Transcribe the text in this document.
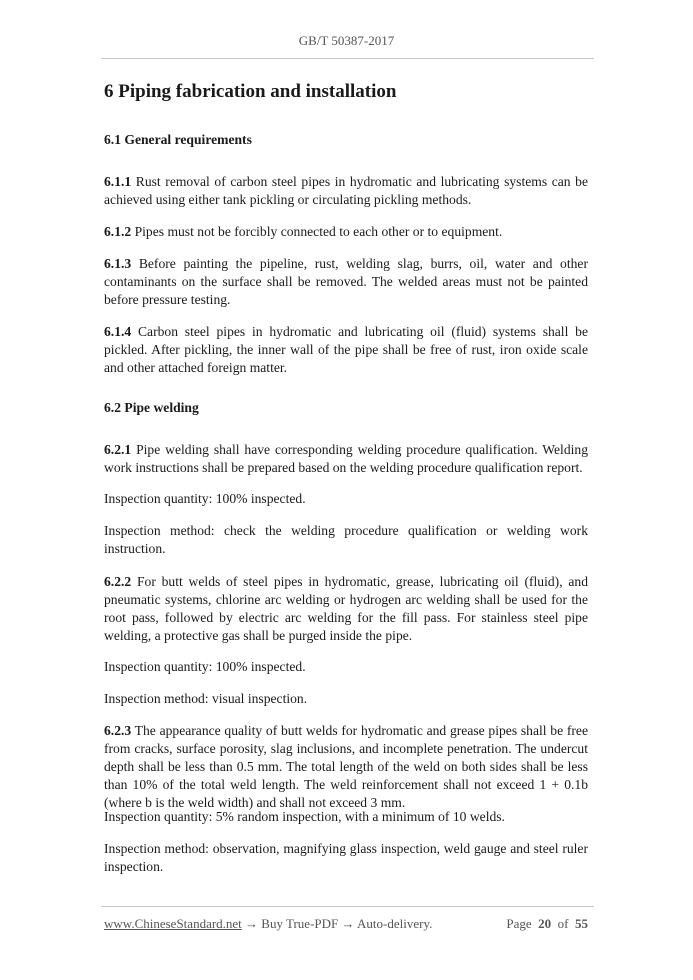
GB/T 50387-2017
6 Piping fabrication and installation
6.1 General requirements
6.1.1 Rust removal of carbon steel pipes in hydromatic and lubricating systems can be achieved using either tank pickling or circulating pickling methods.
6.1.2 Pipes must not be forcibly connected to each other or to equipment.
6.1.3 Before painting the pipeline, rust, welding slag, burrs, oil, water and other contaminants on the surface shall be removed. The welded areas must not be painted before pressure testing.
6.1.4 Carbon steel pipes in hydromatic and lubricating oil (fluid) systems shall be pickled. After pickling, the inner wall of the pipe shall be free of rust, iron oxide scale and other attached foreign matter.
6.2 Pipe welding
6.2.1 Pipe welding shall have corresponding welding procedure qualification. Welding work instructions shall be prepared based on the welding procedure qualification report.
Inspection quantity: 100% inspected.
Inspection method: check the welding procedure qualification or welding work instruction.
6.2.2 For butt welds of steel pipes in hydromatic, grease, lubricating oil (fluid), and pneumatic systems, chlorine arc welding or hydrogen arc welding shall be used for the root pass, followed by electric arc welding for the fill pass. For stainless steel pipe welding, a protective gas shall be purged inside the pipe.
Inspection quantity: 100% inspected.
Inspection method: visual inspection.
6.2.3 The appearance quality of butt welds for hydromatic and grease pipes shall be free from cracks, surface porosity, slag inclusions, and incomplete penetration. The undercut depth shall be less than 0.5 mm. The total length of the weld on both sides shall be less than 10% of the total weld length. The weld reinforcement shall not exceed 1 + 0.1b (where b is the weld width) and shall not exceed 3 mm.
Inspection quantity: 5% random inspection, with a minimum of 10 welds.
Inspection method: observation, magnifying glass inspection, weld gauge and steel ruler inspection.
www.ChineseStandard.net → Buy True-PDF → Auto-delivery.	Page 20 of 55
